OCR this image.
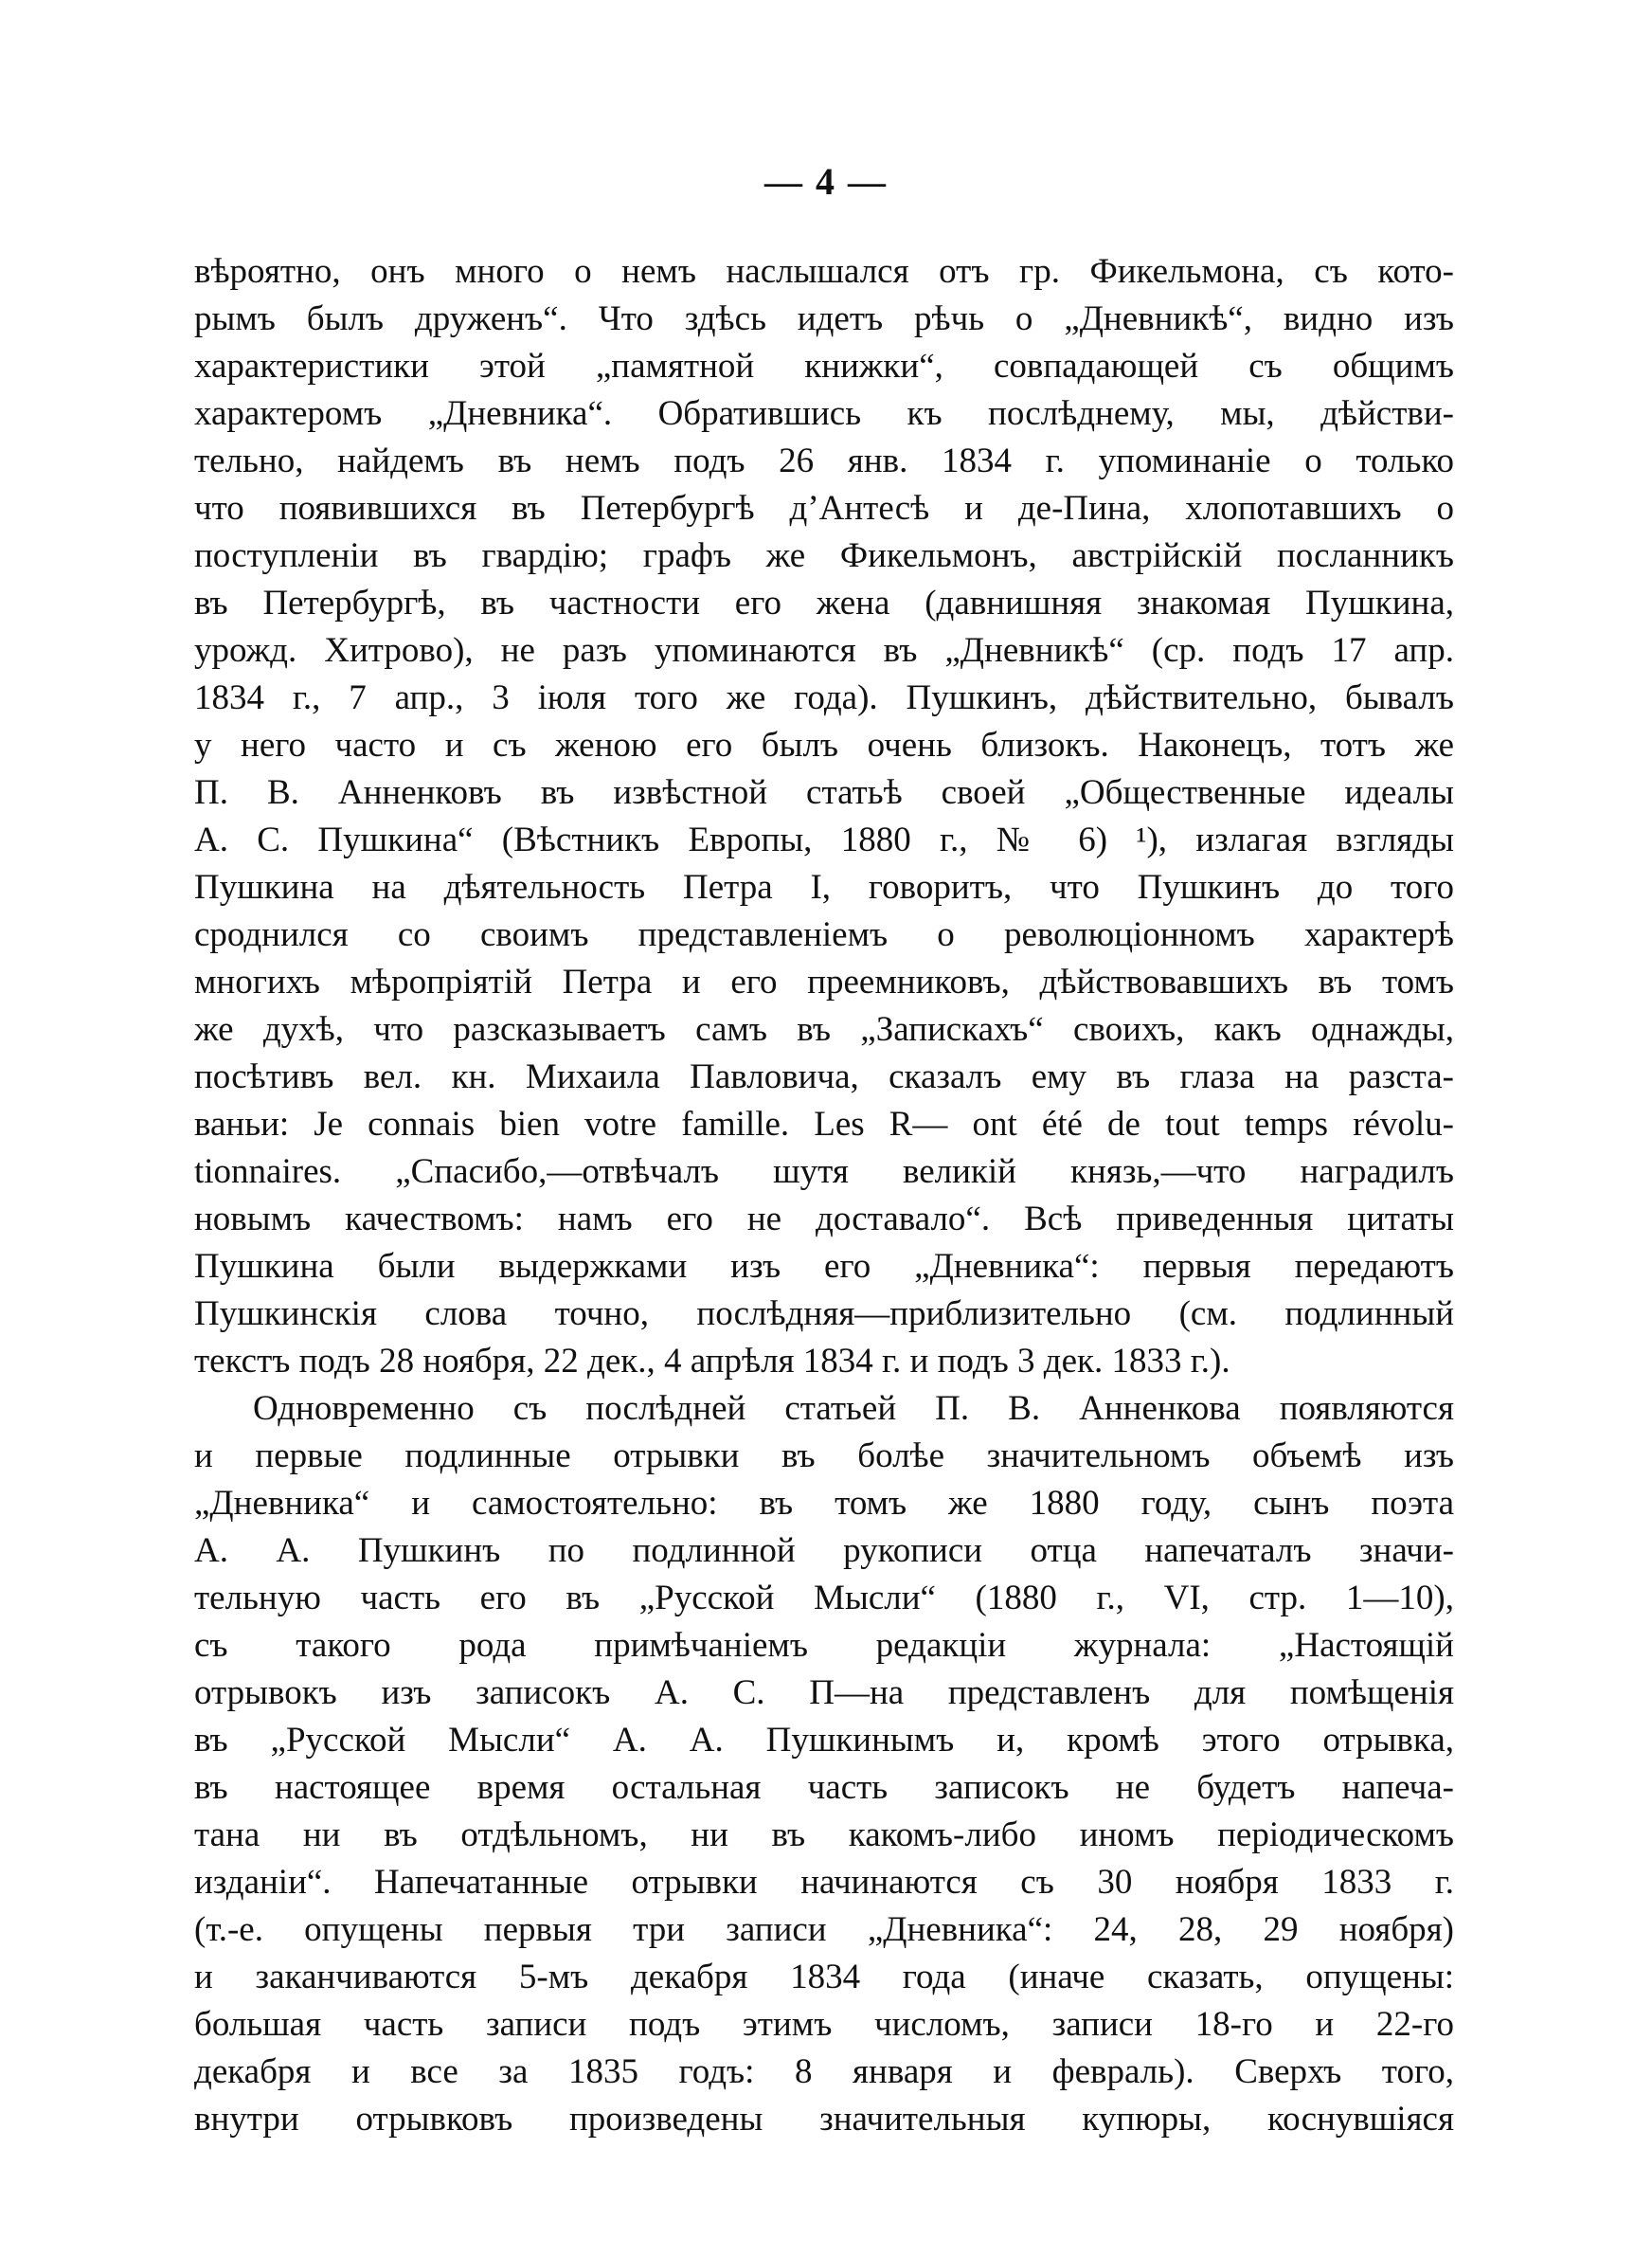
— 4 —
вѣроятно, онъ много о немъ наслышался отъ гр. Фикельмона, съ кото-
рымъ былъ друженъ“. Что здѣсь идетъ рѣчь о „Дневникѣ“, видно изъ
характеристики этой „памятной книжки“, совпадающей съ общимъ
характеромъ „Дневника“. Обратившись къ послѣднему, мы, дѣйстви-
тельно, найдемъ въ немъ подъ 26 янв. 1834 г. упоминаніе о только
что появившихся въ Петербургѣ д’Антесѣ и де-Пина, хлопотавшихъ о
поступленіи въ гвардію; графъ же Фикельмонъ, австрійскій посланникъ
въ Петербургѣ, въ частности его жена (давнишняя знакомая Пушкина,
урожд. Хитрово), не разъ упоминаются въ „Дневникѣ“ (ср. подъ 17 апр.
1834 г., 7 апр., 3 іюля того же года). Пушкинъ, дѣйствительно, бывалъ
у него часто и съ женою его былъ очень близокъ. Наконецъ, тотъ же
П. В. Анненковъ въ извѣстной статьѣ своей „Общественные идеалы
А. С. Пушкина“ (Вѣстникъ Европы, 1880 г., № 6) ¹), излагая взгляды
Пушкина на дѣятельность Петра I, говоритъ, что Пушкинъ до того
сроднился со своимъ представленіемъ о революціонномъ характерѣ
многихъ мѣропріятій Петра и его преемниковъ, дѣйствовавшихъ въ томъ
же духѣ, что разсказываетъ самъ въ „Запискахъ“ своихъ, какъ однажды,
посѣтивъ вел. кн. Михаила Павловича, сказалъ ему въ глаза на разста-
ваньи: Je connais bien votre famille. Les R— ont été de tout temps révolu-
tionnaires. „Спасибо,—отвѣчалъ шутя великій князь,—что наградилъ
новымъ качествомъ: намъ его не доставало“. Всѣ приведенныя цитаты
Пушкина были выдержками изъ его „Дневника“: первыя передаютъ
Пушкинскія слова точно, послѣдняя—приблизительно (см. подлинный
текстъ подъ 28 ноября, 22 дек., 4 апрѣля 1834 г. и подъ 3 дек. 1833 г.).
Одновременно съ послѣдней статьей П. В. Анненкова появляются
и первые подлинные отрывки въ болѣе значительномъ объемѣ изъ
„Дневника“ и самостоятельно: въ томъ же 1880 году, сынъ поэта
А. А. Пушкинъ по подлинной рукописи отца напечаталъ значи-
тельную часть его въ „Русской Мысли“ (1880 г., VI, стр. 1—10),
съ такого рода примѣчаніемъ редакціи журнала: „Настоящій
отрывокъ изъ записокъ А. С. П—на представленъ для помѣщенія
въ „Русской Мысли“ А. А. Пушкинымъ и, кромѣ этого отрывка,
въ настоящее время остальная часть записокъ не будетъ напеча-
тана ни въ отдѣльномъ, ни въ какомъ-либо иномъ періодическомъ
изданіи“. Напечатанные отрывки начинаются съ 30 ноября 1833 г.
(т.-е. опущены первыя три записи „Дневника“: 24, 28, 29 ноября)
и заканчиваются 5-мъ декабря 1834 года (иначе сказать, опущены:
большая часть записи подъ этимъ числомъ, записи 18-го и 22-го
декабря и все за 1835 годъ: 8 января и февраль). Сверхъ того,
внутри отрывковъ произведены значительныя купюры, коснувшіяся
